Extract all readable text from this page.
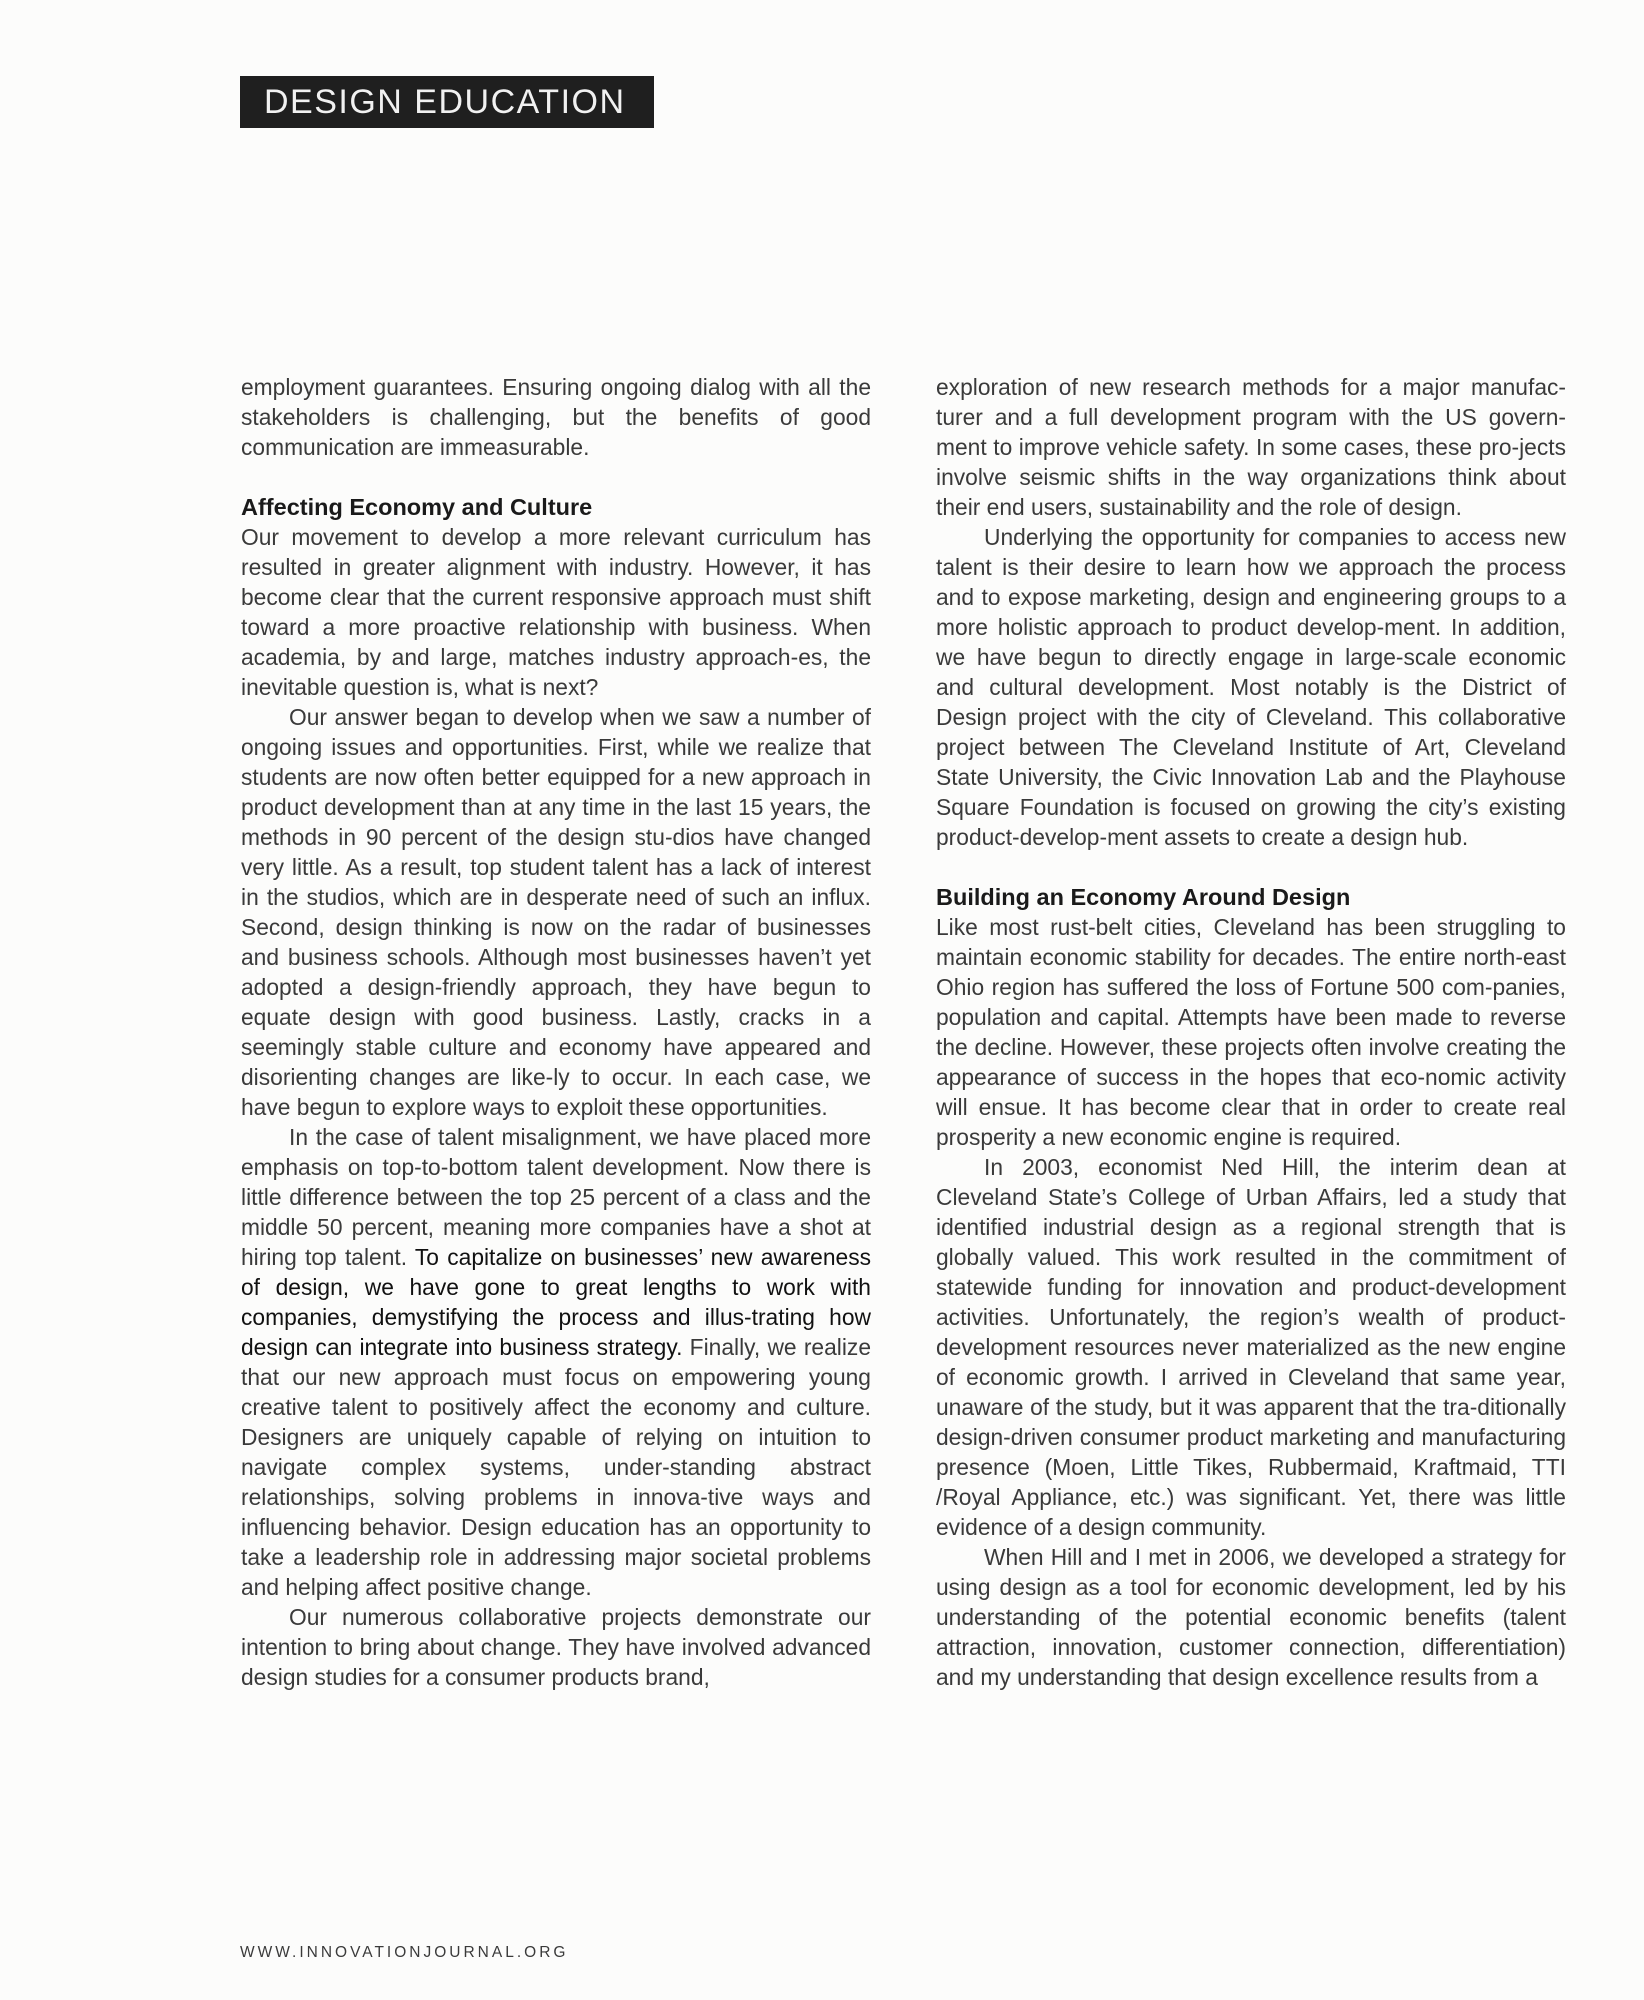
DESIGN EDUCATION

employment guarantees. Ensuring ongoing dialog with all the stakeholders is challenging, but the benefits of good communication are immeasurable.

Affecting Economy and Culture

Our movement to develop a more relevant curriculum has resulted in greater alignment with industry. However, it has become clear that the current responsive approach must shift toward a more proactive relationship with business. When academia, by and large, matches industry approach-es, the inevitable question is, what is next?

Our answer began to develop when we saw a number of ongoing issues and opportunities. First, while we realize that students are now often better equipped for a new approach in product development than at any time in the last 15 years, the methods in 90 percent of the design stu-dios have changed very little. As a result, top student talent has a lack of interest in the studios, which are in desperate need of such an influx. Second, design thinking is now on the radar of businesses and business schools. Although most businesses haven’t yet adopted a design-friendly approach, they have begun to equate design with good business. Lastly, cracks in a seemingly stable culture and economy have appeared and disorienting changes are like-ly to occur. In each case, we have begun to explore ways to exploit these opportunities.

In the case of talent misalignment, we have placed more emphasis on top-to-bottom talent development. Now there is little difference between the top 25 percent of a class and the middle 50 percent, meaning more companies have a shot at hiring top talent. To capitalize on businesses’ new awareness of design, we have gone to great lengths to work with companies, demystifying the process and illus-trating how design can integrate into business strategy. Finally, we realize that our new approach must focus on empowering young creative talent to positively affect the economy and culture. Designers are uniquely capable of relying on intuition to navigate complex systems, under-standing abstract relationships, solving problems in innova-tive ways and influencing behavior. Design education has an opportunity to take a leadership role in addressing major societal problems and helping affect positive change.

Our numerous collaborative projects demonstrate our intention to bring about change. They have involved advanced design studies for a consumer products brand,

exploration of new research methods for a major manufac-turer and a full development program with the US govern-ment to improve vehicle safety. In some cases, these pro-jects involve seismic shifts in the way organizations think about their end users, sustainability and the role of design.

Underlying the opportunity for companies to access new talent is their desire to learn how we approach the process and to expose marketing, design and engineering groups to a more holistic approach to product develop-ment. In addition, we have begun to directly engage in large-scale economic and cultural development. Most notably is the District of Design project with the city of Cleveland. This collaborative project between The Cleveland Institute of Art, Cleveland State University, the Civic Innovation Lab and the Playhouse Square Foundation is focused on growing the city’s existing product-develop-ment assets to create a design hub.

Building an Economy Around Design

Like most rust-belt cities, Cleveland has been struggling to maintain economic stability for decades. The entire north-east Ohio region has suffered the loss of Fortune 500 com-panies, population and capital. Attempts have been made to reverse the decline. However, these projects often involve creating the appearance of success in the hopes that eco-nomic activity will ensue. It has become clear that in order to create real prosperity a new economic engine is required.

In 2003, economist Ned Hill, the interim dean at Cleveland State’s College of Urban Affairs, led a study that identified industrial design as a regional strength that is globally valued. This work resulted in the commitment of statewide funding for innovation and product-development activities. Unfortunately, the region’s wealth of product-development resources never materialized as the new engine of economic growth. I arrived in Cleveland that same year, unaware of the study, but it was apparent that the tra-ditionally design-driven consumer product marketing and manufacturing presence (Moen, Little Tikes, Rubbermaid, Kraftmaid, TTI /Royal Appliance, etc.) was significant. Yet, there was little evidence of a design community.

When Hill and I met in 2006, we developed a strategy for using design as a tool for economic development, led by his understanding of the potential economic benefits (talent attraction, innovation, customer connection, differentiation) and my understanding that design excellence results from a

WWW.INNOVATIONJOURNAL.ORG
